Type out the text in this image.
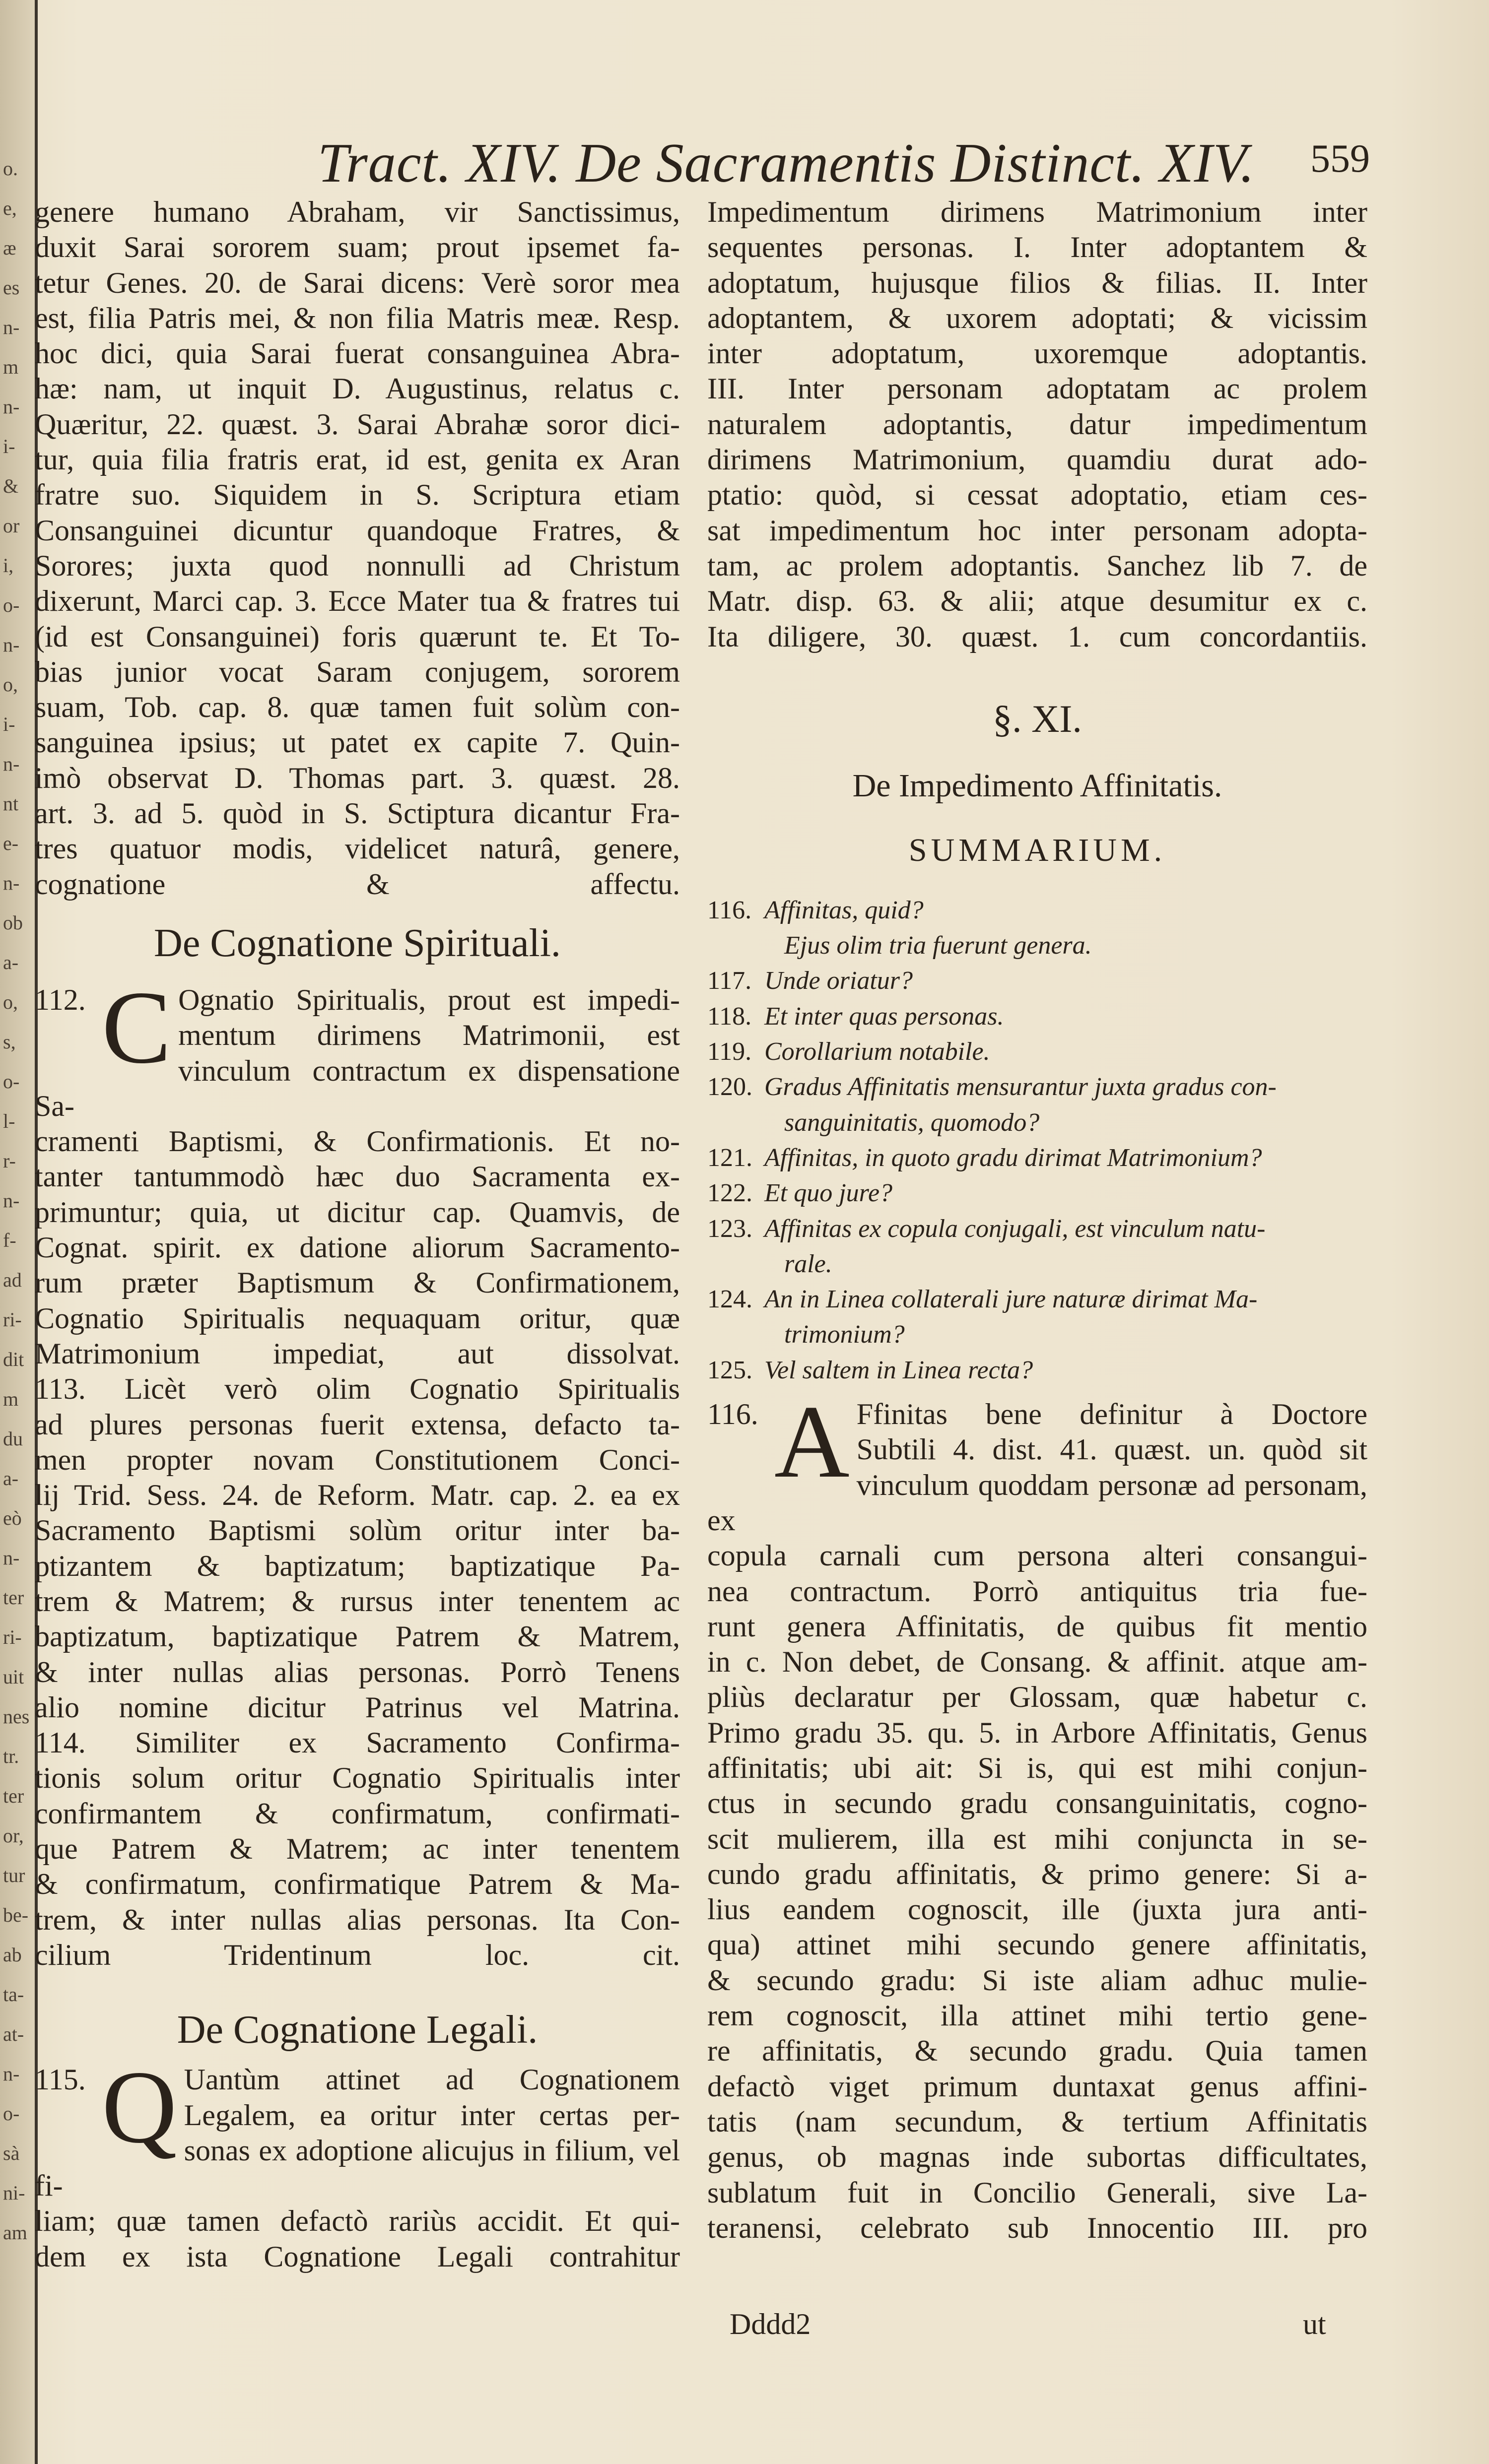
o.
e,
æ
es
n-
m
n-
i-
&
or
i,
o-
n-
o,
i-
n-
nt
e-
n-
ob
a-
o,
s,
o-
l-
r-
n-
f-
ad
ri-
dit
m
du
a-
eò
n-
ter
ri-
uit
nes
tr.
ter
or,
tur
be-
ab
ta-
at-
n-
o-
sà
ni-
am
Tract. XIV. De Sacramentis Distinct. XIV. 559
genere humano Abraham, vir Sanctissimus,
duxit Sarai sororem suam; prout ipsemet fa-
tetur Genes. 20. de Sarai dicens: Verè soror mea
est, filia Patris mei, & non filia Matris meæ. Resp.
hoc dici, quia Sarai fuerat consanguinea Abra-
hæ: nam, ut inquit D. Augustinus, relatus c.
Quæritur, 22. quæst. 3. Sarai Abrahæ soror dici-
tur, quia filia fratris erat, id est, genita ex Aran
fratre suo. Siquidem in S. Scriptura etiam
Consanguinei dicuntur quandoque Fratres, &
Sorores; juxta quod nonnulli ad Christum
dixerunt, Marci cap. 3. Ecce Mater tua & fratres tui
(id est Consanguinei) foris quærunt te. Et To-
bias junior vocat Saram conjugem, sororem
suam, Tob. cap. 8. quæ tamen fuit solùm con-
sanguinea ipsius; ut patet ex capite 7. Quin-
imò observat D. Thomas part. 3. quæst. 28.
art. 3. ad 5. quòd in S. Sctiptura dicantur Fra-
tres quatuor modis, videlicet naturâ, genere,
cognatione & affectu.
De Cognatione Spirituali.
112. C Ognatio Spiritualis, prout est impedi-
mentum dirimens Matrimonii, est
vinculum contractum ex dispensatione Sa-
cramenti Baptismi, & Confirmationis. Et no-
tanter tantummodò hæc duo Sacramenta ex-
primuntur; quia, ut dicitur cap. Quamvis, de
Cognat. spirit. ex datione aliorum Sacramento-
rum præter Baptismum & Confirmationem,
Cognatio Spiritualis nequaquam oritur, quæ
Matrimonium impediat, aut dissolvat.
113. Licèt verò olim Cognatio Spiritualis
ad plures personas fuerit extensa, defacto ta-
men propter novam Constitutionem Conci-
lij Trid. Sess. 24. de Reform. Matr. cap. 2. ea ex
Sacramento Baptismi solùm oritur inter ba-
ptizantem & baptizatum; baptizatique Pa-
trem & Matrem; & rursus inter tenentem ac
baptizatum, baptizatique Patrem & Matrem,
& inter nullas alias personas. Porrò Tenens
alio nomine dicitur Patrinus vel Matrina.
114. Similiter ex Sacramento Confirma-
tionis solum oritur Cognatio Spiritualis inter
confirmantem & confirmatum, confirmati-
que Patrem & Matrem; ac inter tenentem
& confirmatum, confirmatique Patrem & Ma-
trem, & inter nullas alias personas. Ita Con-
cilium Tridentinum loc. cit.
De Cognatione Legali.
115. Q Uantùm attinet ad Cognationem
Legalem, ea oritur inter certas per-
sonas ex adoptione alicujus in filium, vel fi-
liam; quæ tamen defactò rariùs accidit. Et qui-
dem ex ista Cognatione Legali contrahitur
Impedimentum dirimens Matrimonium inter
sequentes personas. I. Inter adoptantem &
adoptatum, hujusque filios & filias. II. Inter
adoptantem, & uxorem adoptati; & vicissim
inter adoptatum, uxoremque adoptantis.
III. Inter personam adoptatam ac prolem
naturalem adoptantis, datur impedimentum
dirimens Matrimonium, quamdiu durat ado-
ptatio: quòd, si cessat adoptatio, etiam ces-
sat impedimentum hoc inter personam adopta-
tam, ac prolem adoptantis. Sanchez lib 7. de
Matr. disp. 63. & alii; atque desumitur ex c.
Ita diligere, 30. quæst. 1. cum concordantiis.
§. XI.
De Impedimento Affinitatis.
SUMMARIUM.
116. Affinitas, quid?
Ejus olim tria fuerunt genera.
117. Unde oriatur?
118. Et inter quas personas.
119. Corollarium notabile.
120. Gradus Affinitatis mensurantur juxta gradus con-
sanguinitatis, quomodo?
121. Affinitas, in quoto gradu dirimat Matrimonium?
122. Et quo jure?
123. Affinitas ex copula conjugali, est vinculum natu-
rale.
124. An in Linea collaterali jure naturæ dirimat Ma-
trimonium?
125. Vel saltem in Linea recta?
116. A Ffinitas bene definitur à Doctore
Subtili 4. dist. 41. quæst. un. quòd sit
vinculum quoddam personæ ad personam, ex
copula carnali cum persona alteri consangui-
nea contractum. Porrò antiquitus tria fue-
runt genera Affinitatis, de quibus fit mentio
in c. Non debet, de Consang. & affinit. atque am-
pliùs declaratur per Glossam, quæ habetur c.
Primo gradu 35. qu. 5. in Arbore Affinitatis, Genus
affinitatis; ubi ait: Si is, qui est mihi conjun-
ctus in secundo gradu consanguinitatis, cogno-
scit mulierem, illa est mihi conjuncta in se-
cundo gradu affinitatis, & primo genere: Si a-
lius eandem cognoscit, ille (juxta jura anti-
qua) attinet mihi secundo genere affinitatis,
& secundo gradu: Si iste aliam adhuc mulie-
rem cognoscit, illa attinet mihi tertio gene-
re affinitatis, & secundo gradu. Quia tamen
defactò viget primum duntaxat genus affini-
tatis (nam secundum, & tertium Affinitatis
genus, ob magnas inde subortas difficultates,
sublatum fuit in Concilio Generali, sive La-
teranensi, celebrato sub Innocentio III. pro
Dddd2	ut
